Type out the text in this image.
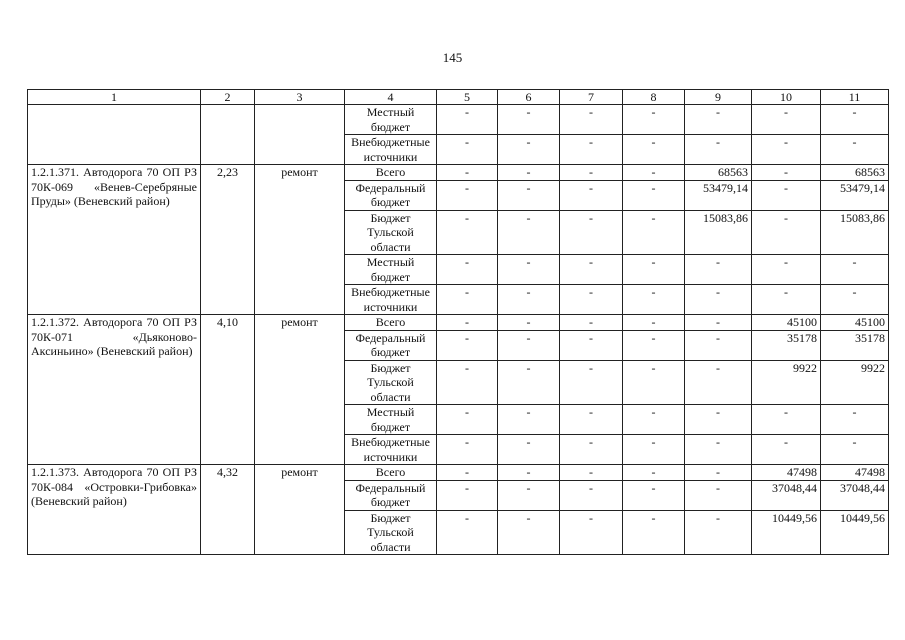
145
1	2	3	4	5	6	7	8	9	10	11
			Местный бюджет	-	-	-	-	-	-	-
			Внебюджетные источники	-	-	-	-	-	-	-
1.2.1.371. Автодорога 70 ОП РЗ 70К-069 «Венев-Серебряные Пруды» (Веневский район)	2,23	ремонт	Всего	-	-	-	-	68563	-	68563
			Федеральный бюджет	-	-	-	-	53479,14	-	53479,14
			Бюджет Тульской области	-	-	-	-	15083,86	-	15083,86
			Местный бюджет	-	-	-	-	-	-	-
			Внебюджетные источники	-	-	-	-	-	-	-
1.2.1.372. Автодорога 70 ОП РЗ 70К-071 «Дьяконово-Аксиньино» (Веневский район)	4,10	ремонт	Всего	-	-	-	-	-	45100	45100
			Федеральный бюджет	-	-	-	-	-	35178	35178
			Бюджет Тульской области	-	-	-	-	-	9922	9922
			Местный бюджет	-	-	-	-	-	-	-
			Внебюджетные источники	-	-	-	-	-	-	-
1.2.1.373. Автодорога 70 ОП РЗ 70К-084 «Островки-Грибовка» (Веневский район)	4,32	ремонт	Всего	-	-	-	-	-	47498	47498
			Федеральный бюджет	-	-	-	-	-	37048,44	37048,44
			Бюджет Тульской области	-	-	-	-	-	10449,56	10449,56
